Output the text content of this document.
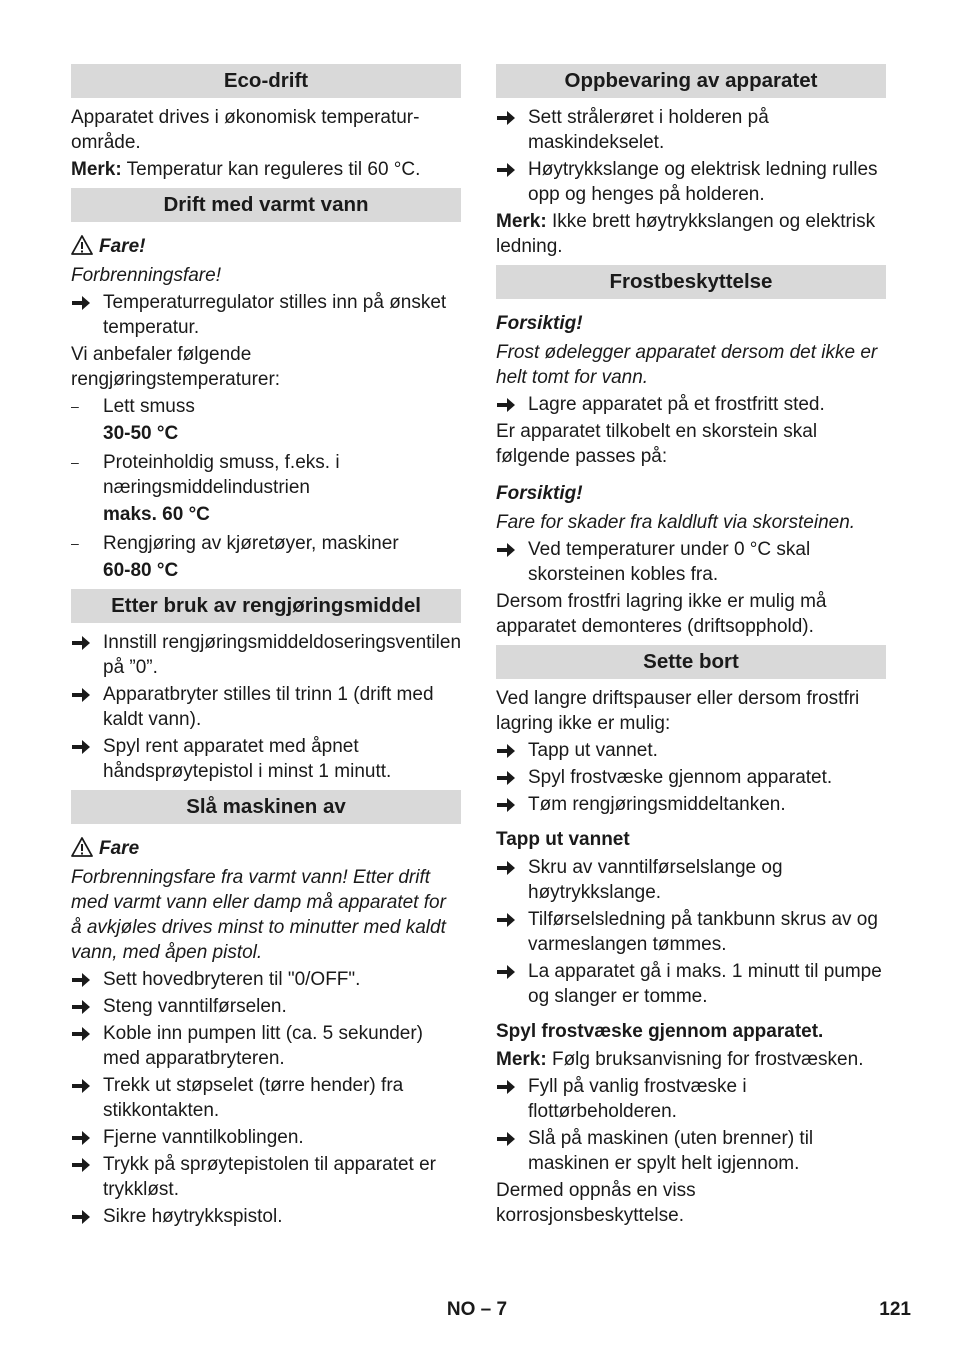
Eco-drift

Apparatet drives i økonomisk temperatur-område.

Merk: Temperatur kan reguleres til 60 °C.

Drift med varmt vann
Fare!

Forbrenningsfare!

Temperaturregulator stilles inn på ønsket temperatur.

Vi anbefaler følgende rengjøringstemperaturer:

– Lett smuss
30-50 °C
– Proteinholdig smuss, f.eks. i næringsmiddelindustrien
maks. 60 °C
– Rengjøring av kjøretøyer, maskiner
60-80 °C
Etter bruk av rengjøringsmiddel
Innstill rengjøringsmiddeldoseringsventilen på ”0”.
Apparatbryter stilles til trinn 1 (drift med kaldt vann).
Spyl rent apparatet med åpnet håndsprøytepistol i minst 1 minutt.
Slå maskinen av
Fare

Forbrenningsfare fra varmt vann! Etter drift med varmt vann eller damp må apparatet for å avkjøles drives minst to minutter med kaldt vann, med åpen pistol.

Sett hovedbryteren til "0/OFF".
Steng vanntilførselen.
Koble inn pumpen litt (ca. 5 sekunder) med apparatbryteren.
Trekk ut støpselet (tørre hender) fra stikkontakten.
Fjerne vanntilkoblingen.
Trykk på sprøytepistolen til apparatet er trykkløst.
Sikre høytrykkspistol.
Oppbevaring av apparatet
Sett strålerøret i holderen på maskindekselet.
Høytrykkslange og elektrisk ledning rulles opp og henges på holderen.

Merk: Ikke brett høytrykkslangen og elektrisk ledning.

Frostbeskyttelse
Forsiktig!

Frost ødelegger apparatet dersom det ikke er helt tomt for vann.

Lagre apparatet på et frostfritt sted.

Er apparatet tilkobelt en skorstein skal følgende passes på:

Forsiktig!

Fare for skader fra kaldluft via skorsteinen.

Ved temperaturer under 0 °C skal skorsteinen kobles fra.

Dersom frostfri lagring ikke er mulig må apparatet demonteres (driftsopphold).

Sette bort

Ved langre driftspauser eller dersom frostfri lagring ikke er mulig:

Tapp ut vannet.
Spyl frostvæske gjennom apparatet.
Tøm rengjøringsmiddeltanken.
Tapp ut vannet
Skru av vanntilførselslange og høytrykkslange.
Tilførselsledning på tankbunn skrus av og varmeslangen tømmes.
La apparatet gå i maks. 1 minutt til pumpe og slanger er tomme.
Spyl frostvæske gjennom apparatet.

Merk: Følg bruksanvisning for frostvæsken.

Fyll på vanlig frostvæske i flottørbeholderen.
Slå på maskinen (uten brenner) til maskinen er spylt helt igjennom.

Dermed oppnås en viss korrosjonsbeskyttelse.

NO – 7	121
